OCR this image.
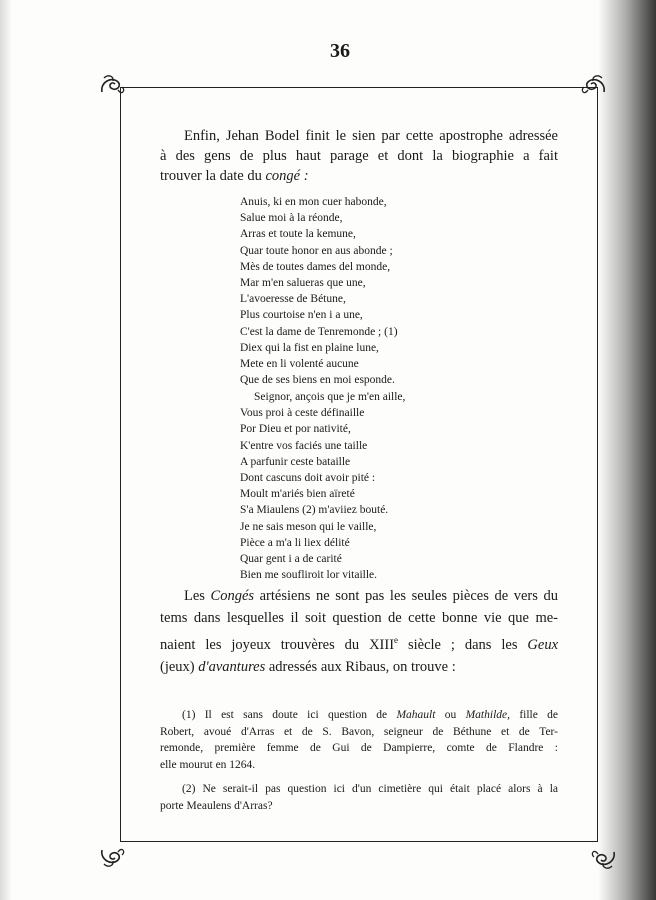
36
Enfin, Jehan Bodel finit le sien par cette apostrophe adressée
à des gens de plus haut parage et dont la biographie a fait
trouver la date du congé :
Anuis, ki en mon cuer habonde,
Salue moi à la réonde,
Arras et toute la kemune,
Quar toute honor en aus abonde ;
Mès de toutes dames del monde,
Mar m'en salueras que une,
L'avoeresse de Bétune,
Plus courtoise n'en i a une,
C'est la dame de Tenremonde ; (1)
Diex qui la fist en plaine lune,
Mete en li volenté aucune
Que de ses biens en moi esponde.
Seignor, ançois que je m'en aille,
Vous proi à ceste définaille
Por Dieu et por nativité,
K'entre vos faciés une taille
A parfunir ceste bataille
Dont cascuns doit avoir pité :
Moult m'ariés bien aïreté
S'a Miaulens (2) m'aviiez bouté.
Je ne sais meson qui le vaille,
Pièce a m'a li liex délité
Quar gent i a de carité
Bien me soufliroit lor vitaille.
Les Congés artésiens ne sont pas les seules pièces de vers du
tems dans lesquelles il soit question de cette bonne vie que me-
naient les joyeux trouvères du XIIIe siècle ; dans les Geux
(jeux) d'avantures adressés aux Ribaus, on trouve :
(1) Il est sans doute ici question de Mahault ou Mathilde, fille de
Robert, avoué d'Arras et de S. Bavon, seigneur de Béthune et de Ter-
remonde, première femme de Gui de Dampierre, comte de Flandre :
elle mourut en 1264.
(2) Ne serait-il pas question ici d'un cimetière qui était placé alors à la
porte Meaulens d'Arras?
